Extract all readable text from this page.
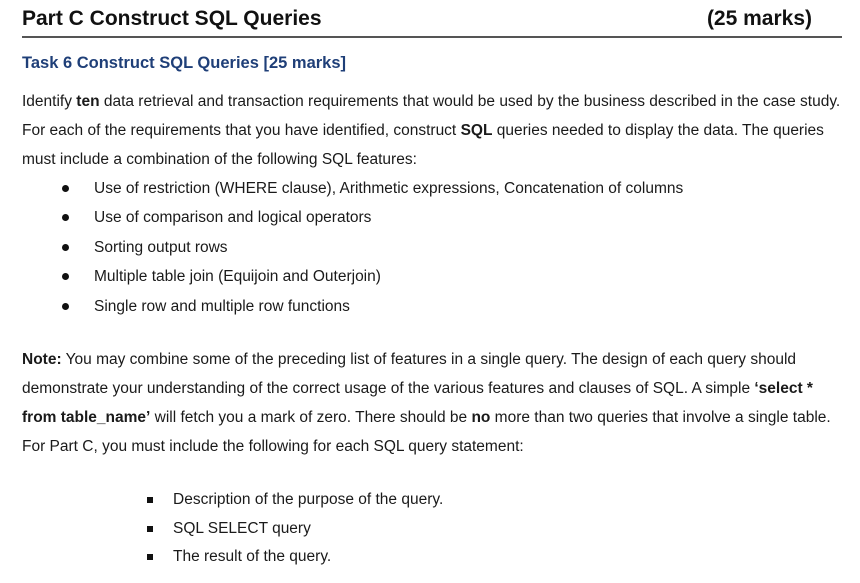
Part C Construct SQL Queries	(25 marks)
Task 6 Construct SQL Queries [25 marks]
Identify ten data retrieval and transaction requirements that would be used by the business described in the case study. For each of the requirements that you have identified, construct SQL queries needed to display the data. The queries must include a combination of the following SQL features:
Use of restriction (WHERE clause), Arithmetic expressions, Concatenation of columns
Use of comparison and logical operators
Sorting output rows
Multiple table join (Equijoin and Outerjoin)
Single row and multiple row functions
Note: You may combine some of the preceding list of features in a single query. The design of each query should demonstrate your understanding of the correct usage of the various features and clauses of SQL. A simple ‘select * from table_name’ will fetch you a mark of zero. There should be no more than two queries that involve a single table.
For Part C, you must include the following for each SQL query statement:
Description of the purpose of the query.
SQL SELECT query
The result of the query.
